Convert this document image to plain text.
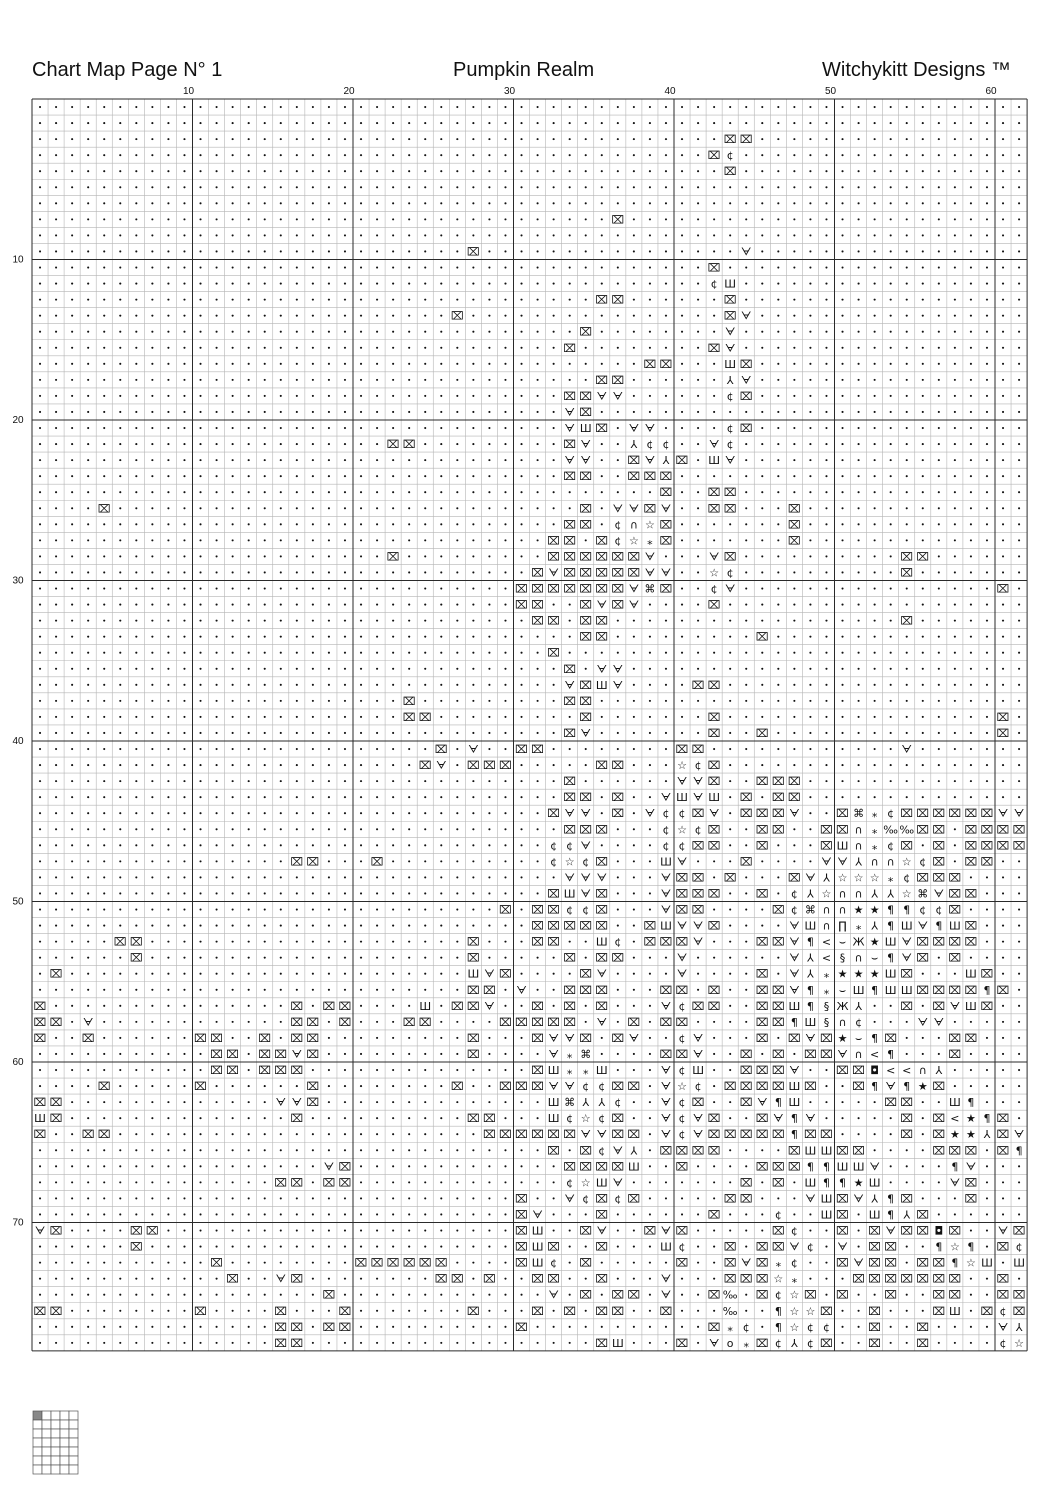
Chart Map Page N° 1	Pumpkin Realm	Witchykitt Designs ™
10	20	30	40	50	60
10
20
30
40
50
60
70
⌧ ⌧
⌧ ¢
⌧
⌧
⌧	ᗄ
⌧
¢ Ш
⌧ ⌧	⌧
⌧	⌧ ᗄ
⌧	ᗄ
⌧	⌧ ᗄ
⌧ ⌧	Ш ⌧
⌧ ⌧	⅄ ᗄ
⌧ ⌧ ᗄ ᗄ	¢ ⌧
ᗄ ⌧
ᗄ Ш ⌧ ᗄ ᗄ	¢ ⌧
⌧ ⌧	⌧ ᗄ	⅄ ¢ ¢	ᗄ ¢
ᗄ ᗄ	⌧ ᗄ ⅄ ⌧ Ш ᗄ
⌧ ⌧	⌧ ⌧ ⌧
⌧	⌧ ⌧
⌧	⌧ ᗄ ᗄ ⌧ ᗄ	⌧ ⌧	⌧
⌧ ⌧ ¢ ∩ ☆ ⌧	⌧
⌧ ⌧ ⌧ ¢ ☆ ⁎ ⌧	⌧
⌧	⌧ ⌧ ⌧ ⌧ ⌧ ⌧ ᗄ	ᗄ ⌧	⌧ ⌧
⌧ ᗄ ⌧ ⌧ ⌧ ⌧ ⌧ ᗄ ᗄ	☆ ¢	⌧
⌧ ⌧ ⌧ ⌧ ⌧ ⌧ ⌧ ᗄ ⌘ ⌧	¢ ᗄ	⌧
⌧ ⌧	⌧ ᗄ ⌧ ᗄ	⌧
⌧ ⌧ ⌧ ⌧	⌧
⌧ ⌧	⌧
⌧
⌧ ᗄ ᗄ
ᗄ ⌧ Ш ᗄ	⌧ ⌧
⌧	⌧ ⌧
⌧ ⌧	⌧	⌧	⌧
⌧ ᗄ	⌧	⌧	⌧
⌧ ᗄ	⌧ ⌧	⌧ ⌧	ᗄ
⌧ ᗄ ⌧ ⌧ ⌧	⌧ ⌧	☆ ¢ ⌧
⌧	ᗄ ᗄ ⌧	⌧ ⌧ ⌧
⌧ ⌧ ⌧	ᗄ Ш ᗄ Ш ⌧ ⌧ ⌧
⌧ ᗄ ᗄ ⌧ ᗄ ¢ ¢ ⌧ ᗄ ⌧ ⌧ ⌧ ᗄ	⌧ ⌘ ⁎ ¢ ⌧ ⌧ ⌧ ⌧ ⌧ ⌧ ᗄ ᗄ
⌧ ⌧ ⌧	¢ ☆ ¢ ⌧	⌧ ⌧	⌧ ⌧ ∩ ⁎ ‰ ‰ ⌧ ⌧ ⌧ ⌧ ⌧ ⌧
¢ ¢ ᗄ	¢ ¢ ⌧ ⌧	⌧	⌧ Ш ∩ ⁎ ¢ ⌧ ⌧ ⌧ ⌧ ⌧ ⌧
⌧ ⌧	⌧	¢ ☆ ¢ ⌧	Ш ᗄ	⌧	ᗄ ᗄ ⅄ ∩ ∩ ☆ ¢ ⌧ ⌧ ⌧
ᗄ ᗄ ᗄ	ᗄ ⌧ ⌧ ⌧	⌧ ᗄ ⅄ ☆ ☆ ☆ ⁎ ¢ ⌧ ⌧ ⌧
⌧ Ш ᗄ ⌧	ᗄ ⌧ ⌧ ⌧	⌧ ¢ ⅄ ☆ ∩ ∩ ⅄ ⅄ ☆ ⌘ ᗄ ⌧ ⌧
⌧ ⌧ ⌧ ¢ ¢ ⌧	ᗄ ⌧ ⌧	⌧ ¢ ⌘ ∩ ∩ ★ ★ ¶ ¶ ¢ ¢ ⌧
⌧ ⌧ ⌧ ⌧ ⌧	⌧ Ш ᗄ ᗄ ⌧	ᗄ Ш ∩ ∏ ⁎ ⅄ ¶ Ш ᗄ ¶ Ш ⌧
⌧ ⌧	⌧	⌧ ⌧	Ш ¢ ⌧ ⌧ ⌧ ᗄ	⌧ ⌧ ᗄ ¶ < ⌣ Ж ★ Ш ᗄ ⌧ ⌧ ⌧ ⌧
⌧	⌧	⌧ ⌧ ⌧	ᗄ	ᗄ ⅄ < § ∩ ⌣ ¶ ᗄ ⌧ ⌧
⌧	Ш ᗄ ⌧	⌧ ᗄ	ᗄ	⌧ ᗄ ⅄ ⁎ ★ ★ ★ Ш ⌧	Ш ⌧
⌧ ⌧ ᗄ	⌧ ⌧ ⌧	⌧ ⌧ ⌧	⌧ ⌧ ᗄ ¶ ⁎ ⌣ Ш ¶ Ш Ш ⌧ ⌧ ⌧ ⌧ ¶ ⌧
⌧	⌧ ⌧ ⌧	Ш ⌧ ⌧ ᗄ	⌧ ⌧ ⌧	ᗄ ¢ ⌧ ⌧	⌧ ⌧ Ш ¶ § Ж ⅄	⌧ ⌧ ᗄ Ш ⌧
⌧ ⌧ ᗄ	⌧ ⌧ ⌧	⌧ ⌧	⌧ ⌧ ⌧ ⌧ ⌧ ᗄ ⌧ ⌧ ⌧	⌧ ⌧ ¶ Ш § ∩ ¢	ᗄ ᗄ
⌧	⌧	⌧ ⌧	⌧ ⌧ ⌧	⌧	⌧ ᗄ ᗄ ⌧ ⌧ ᗄ	¢ ᗄ	⌧ ⌧ ᗄ ⌧ ★ ⌣ ¶ ⌧	⌧ ⌧
⌧ ⌧ ⌧ ⌧ ᗄ ⌧	⌧	ᗄ ⁎ ⌘	⌧ ⌧ ᗄ	⌧ ⌧ ⌧ ⌧ ᗄ ∩ < ¶	⌧
⌧ ⌧ ⌧ ⌧ ⌧	⌧ Ш ⁎ ⁎ Ш	ᗄ ¢ Ш	⌧ ⌧ ⌧ ᗄ	⌧ ⌧ ◘ < < ∩ ⅄
⌧	⌧	⌧	⌧	⌧ ⌧ ⌧ ᗄ ᗄ ¢ ¢ ⌧ ⌧ ᗄ ☆ ¢ ⌧ ⌧ ⌧ ⌧ Ш ⌧	⌧ ¶ ᗄ ¶ ★ ⌧
⌧ ⌧	ᗄ ᗄ ⌧	Ш ⌘ ⅄ ⅄ ¢	ᗄ ¢ ⌧	⌧ ᗄ ¶ Ш	⌧ ⌧	Ш ¶
Ш ⌧	⌧	⌧ ⌧	Ш ¢ ☆ ¢ ⌧	ᗄ ¢ ᗄ ⌧	⌧ ᗄ ¶ ᗄ	⌧ ⌧ < ★ ¶ ⌧
⌧	⌧ ⌧	⌧ ⌧ ⌧ ⌧ ⌧ ⌧ ᗄ ᗄ ⌧ ⌧ ᗄ ¢ ᗄ ⌧ ⌧ ⌧ ⌧ ⌧ ¶ ⌧ ⌧	⌧ ⌧ ★ ★ ⅄ ⌧ ᗄ
⌧ ⌧ ¢ ᗄ ⅄ ⌧ ⌧ ⌧ ⌧	⌧ Ш Ш ⌧ ⌧	⌧ ⌧ ⌧ ⌧ ¶
ᗄ ⌧	⌧ ⌧ ⌧ ⌧ Ш	⌧	⌧ ⌧ ⌧ ¶ ¶ Ш Ш ᗄ	¶ ᗄ
⌧ ⌧ ⌧ ⌧	¢ ☆ Ш ᗄ	⌧ ⌧ Ш ¶ ¶ ★ Ш	ᗄ ⌧
⌧	ᗄ ¢ ⌧ ¢ ⌧	⌧ ⌧	ᗄ Ш ⌧ ᗄ ⅄ ¶ ⌧	⌧
⌧ ᗄ	⌧	⌧	¢	Ш ⌧ Ш ¶ ⅄ ⌧
ᗄ ⌧	⌧ ⌧	⌧ Ш	⌧ ᗄ	⌧ ᗄ ⌧	⌧ ¢	⌧ ⌧ ᗄ ⌧ ⌧ ◘ ⌧	ᗄ ⌧
⌧	⌧ Ш ⌧	⌧	Ш ¢	⌧ ⌧ ⌧ ᗄ ¢ ᗄ ⌧ ⌧	¶ ☆ ¶ ⌧ ¢
⌧	⌧ ⌧ ⌧ ⌧ ⌧ ⌧	⌧ Ш ¢ ⌧	⌧	⌧ ᗄ ⌧ ⁎ ¢	⌧ ᗄ ⌧ ⌧ ⌧ ⌧ ¶ ☆ Ш Ш
⌧	ᗄ ⌧	⌧ ⌧ ⌧	⌧ ⌧	⌧	ᗄ	⌧ ⌧ ⌧ ☆ ⁎	⌧ ⌧ ⌧ ⌧ ⌧ ⌧ ⌧	⌧
⌧	ᗄ ⌧ ⌧ ⌧ ᗄ	⌧ ‰ ⌧ ¢ ☆ ⌧ ⌧	⌧	⌧ ⌧	⌧ ⌧
⌧ ⌧	⌧	⌧	⌧	⌧	⌧ ⌧ ⌧ ⌧	⌧	‰	¶ ☆ ☆ ⌧	⌧	⌧ Ш ⌧ ¢ ⌧
⌧ ⌧ ⌧ ⌧	⌧	⌧ ⁎ ¢ ¶ ☆ ¢ ¢	⌧	⌧	ᗄ ⅄
⌧ ⌧	⌧ Ш	⌧ ᗄ o ⁎ ⌧ ¢ ⅄ ¢ ⌧	⌧	⌧	¢ ☆
